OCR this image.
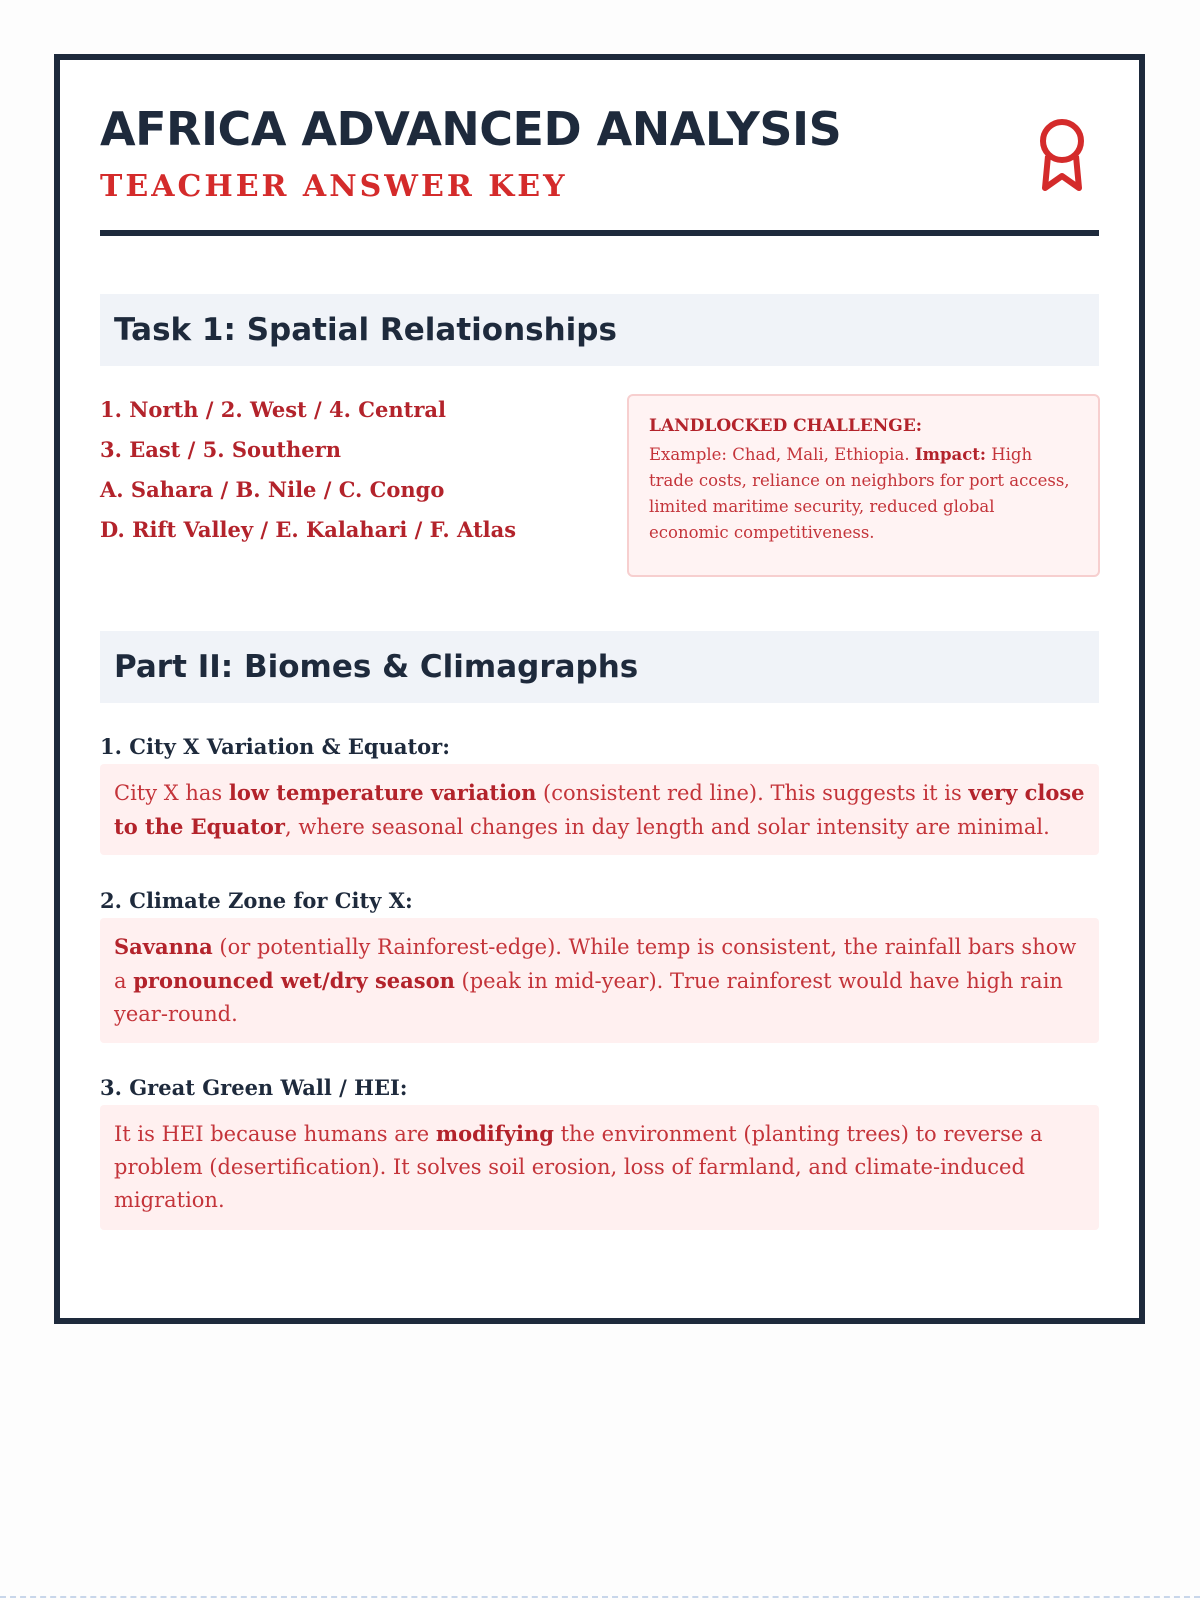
AFRICA ADVANCED ANALYSIS

TEACHER ANSWER KEY

Task 1: Spatial Relationships
1. North / 2. West / 4. Central
3. East / 5. Southern
A. Sahara / B. Nile / C. Congo
D. Rift Valley / E. Kalahari / F. Atlas
LANDLOCKED CHALLENGE:
Example: Chad, Mali, Ethiopia. Impact: High trade costs, reliance on neighbors for port access, limited maritime security, reduced global economic competitiveness.
Part II: Biomes & Climagraphs

1. City X Variation & Equator:

City X has low temperature variation (consistent red line). This suggests it is very close to the Equator, where seasonal changes in day length and solar intensity are minimal.

2. Climate Zone for City X:

Savanna (or potentially Rainforest-edge). While temp is consistent, the rainfall bars show a pronounced wet/dry season (peak in mid-year). True rainforest would have high rain year-round.

3. Great Green Wall / HEI:

It is HEI because humans are modifying the environment (planting trees) to reverse a problem (desertification). It solves soil erosion, loss of farmland, and climate-induced migration.
